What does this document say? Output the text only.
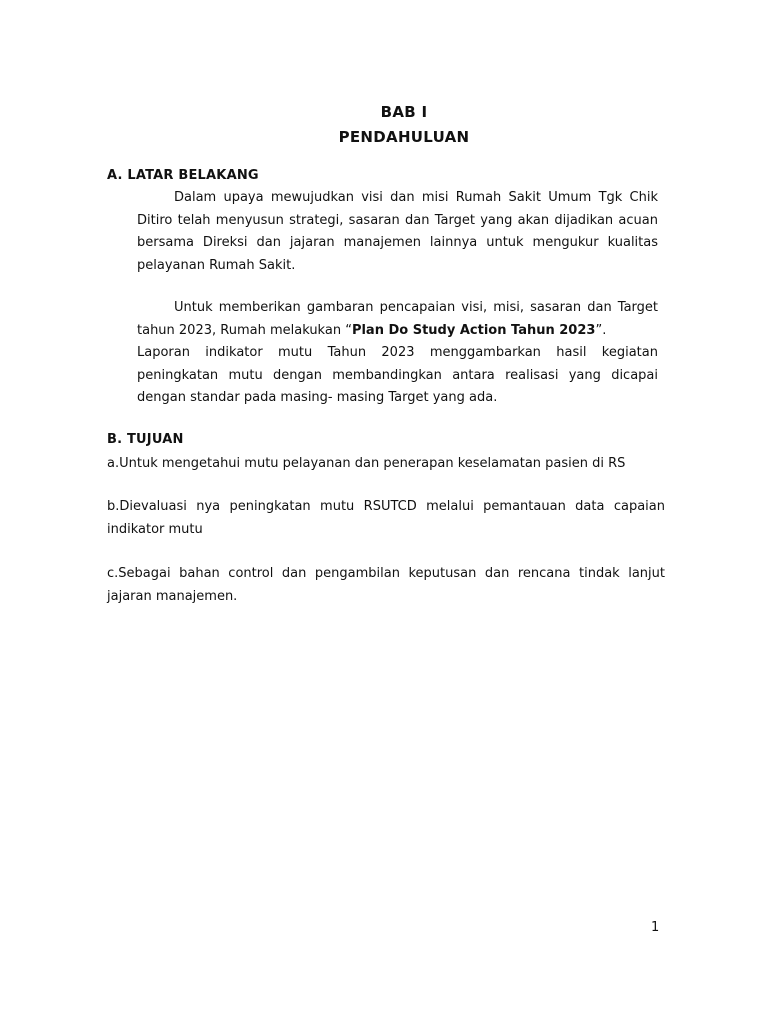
BAB I
PENDAHULUAN
A. LATAR BELAKANG
Dalam upaya mewujudkan visi dan misi Rumah Sakit Umum Tgk Chik Ditiro telah menyusun strategi, sasaran dan Target yang akan dijadikan acuan bersama Direksi dan jajaran manajemen lainnya untuk mengukur kualitas pelayanan Rumah Sakit.
Untuk memberikan gambaran pencapaian visi, misi, sasaran dan Target tahun 2023, Rumah melakukan “Plan Do Study Action Tahun 2023”.
Laporan indikator mutu Tahun 2023 menggambarkan hasil kegiatan peningkatan mutu dengan membandingkan antara realisasi yang dicapai dengan standar pada masing- masing Target yang ada.
B. TUJUAN
a.Untuk mengetahui mutu pelayanan dan penerapan keselamatan pasien di RS
b.Dievaluasi nya peningkatan mutu RSUTCD melalui pemantauan data capaian indikator mutu
c.Sebagai bahan control dan pengambilan keputusan dan rencana tindak lanjut jajaran manajemen.
1
